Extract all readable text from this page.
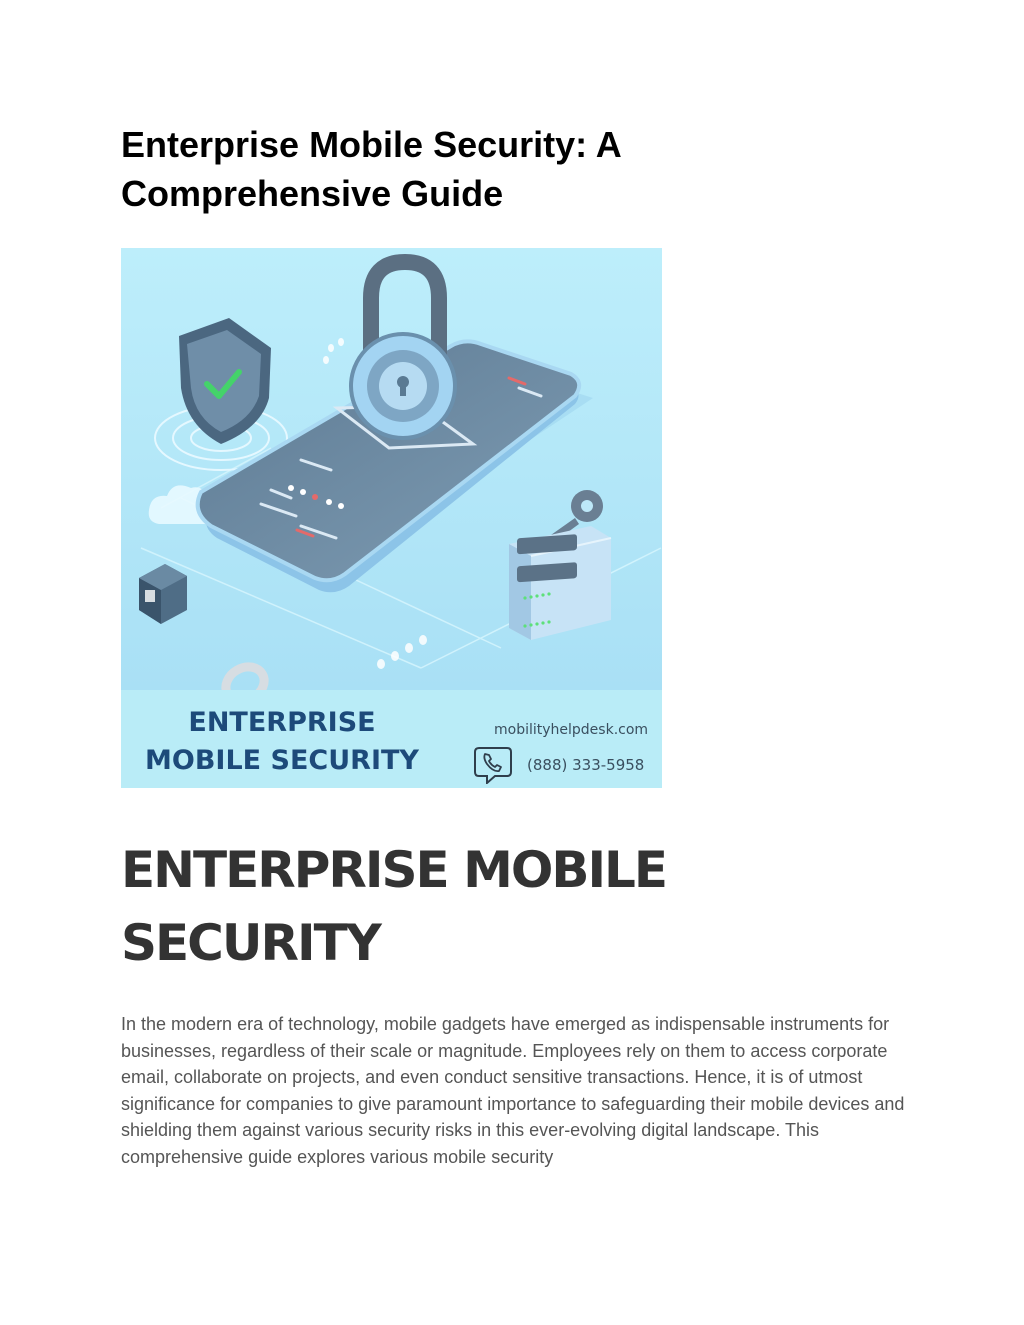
Enterprise Mobile Security: A Comprehensive Guide
ENTERPRISE
MOBILE SECURITY
mobilityhelpdesk.com
(888) 333-5958
ENTERPRISE MOBILE SECURITY

In the modern era of technology, mobile gadgets have emerged as indispensable instruments for businesses, regardless of their scale or magnitude. Employees rely on them to access corporate email, collaborate on projects, and even conduct sensitive transactions. Hence, it is of utmost significance for companies to give paramount importance to safeguarding their mobile devices and shielding them against various security risks in this ever-evolving digital landscape. This comprehensive guide explores various mobile security
